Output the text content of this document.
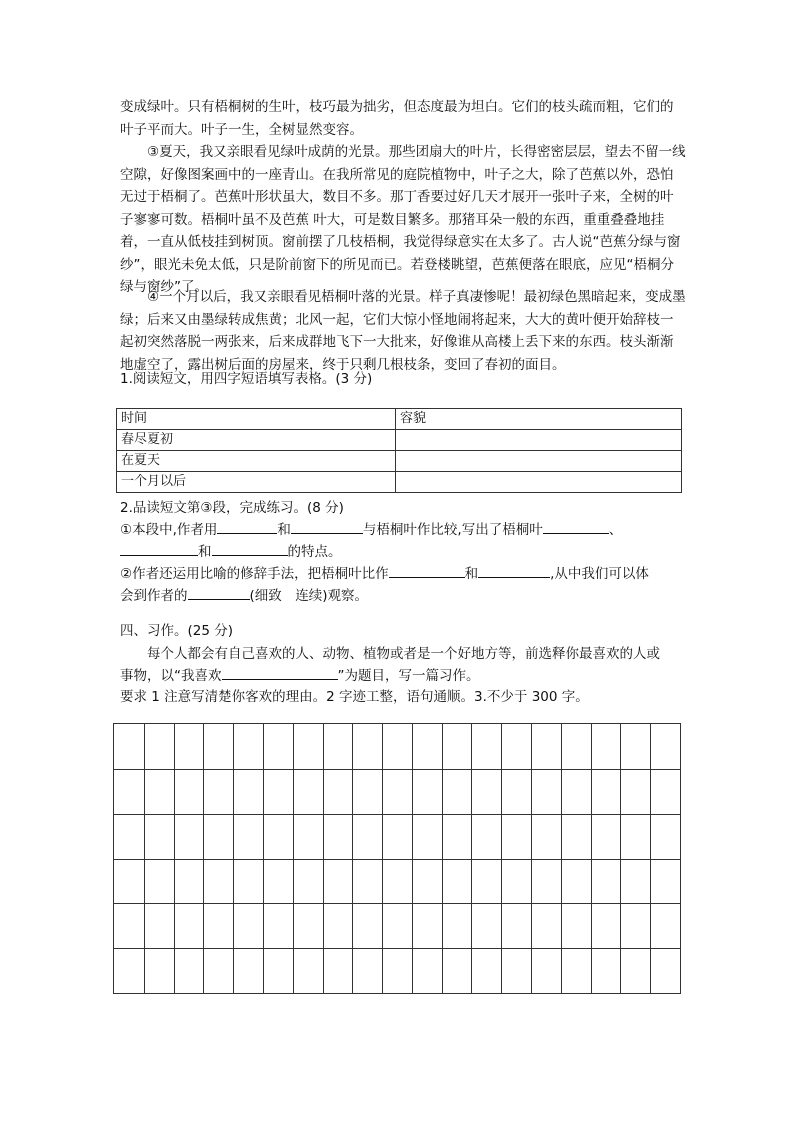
变成绿叶。只有梧桐树的生叶，枝巧最为拙劣，但态度最为坦白。它们的枝头疏而粗，它们的叶子平而大。叶子一生，全树显然变容。

③夏天，我又亲眼看见绿叶成荫的光景。那些团扇大的叶片，长得密密层层，望去不留一线空隙，好像图案画中的一座青山。在我所常见的庭院植物中，叶子之大，除了芭蕉以外，恐怕无过于梧桐了。芭蕉叶形状虽大，数目不多。那丁香要过好几天才展开一张叶子来，全树的叶子寥寥可数。梧桐叶虽不及芭蕉 叶大，可是数目繁多。那猪耳朵一般的东西，重重叠叠地挂着，一直从低枝挂到树顶。窗前摆了几枝梧桐，我觉得绿意实在太多了。古人说“芭蕉分绿与窗纱”，眼光未免太低，只是阶前窗下的所见而已。若登楼眺望，芭蕉便落在眼底，应见“梧桐分绿与窗纱”了。

④一个月以后，我又亲眼看见梧桐叶落的光景。样子真凄惨呢！最初绿色黑暗起来，变成墨绿；后来又由墨绿转成焦黄；北风一起，它们大惊小怪地闹将起来，大大的黄叶便开始辞枝一起初突然落脱一两张来，后来成群地飞下一大批来，好像谁从高楼上丢下来的东西。枝头渐渐地虚空了，露出树后面的房屋来，终于只剩几根枝条，变回了春初的面目。

1.阅读短文，用四字短语填写表格。(3 分)
时间	容貌
春尽夏初	
在夏天	
一个月以后	
2.品读短文第③段，完成练习。(8 分)
①本段中,作者用	和	与梧桐叶作比较,写出了梧桐叶	、
和	的特点。
②作者还运用比喻的修辞手法，把梧桐叶比作	和	,从中我们可以体
会到作者的	(细致　连续)观察。
四、习作。(25 分)
每个人都会有自己喜欢的人、动物、植物或者是一个好地方等，前选释你最喜欢的人或
事物，以“我喜欢	”为题目，写一篇习作。
要求 1 注意写清楚你客欢的理由。2 字迹工整，语句通顺。3.不少于 300 字。
